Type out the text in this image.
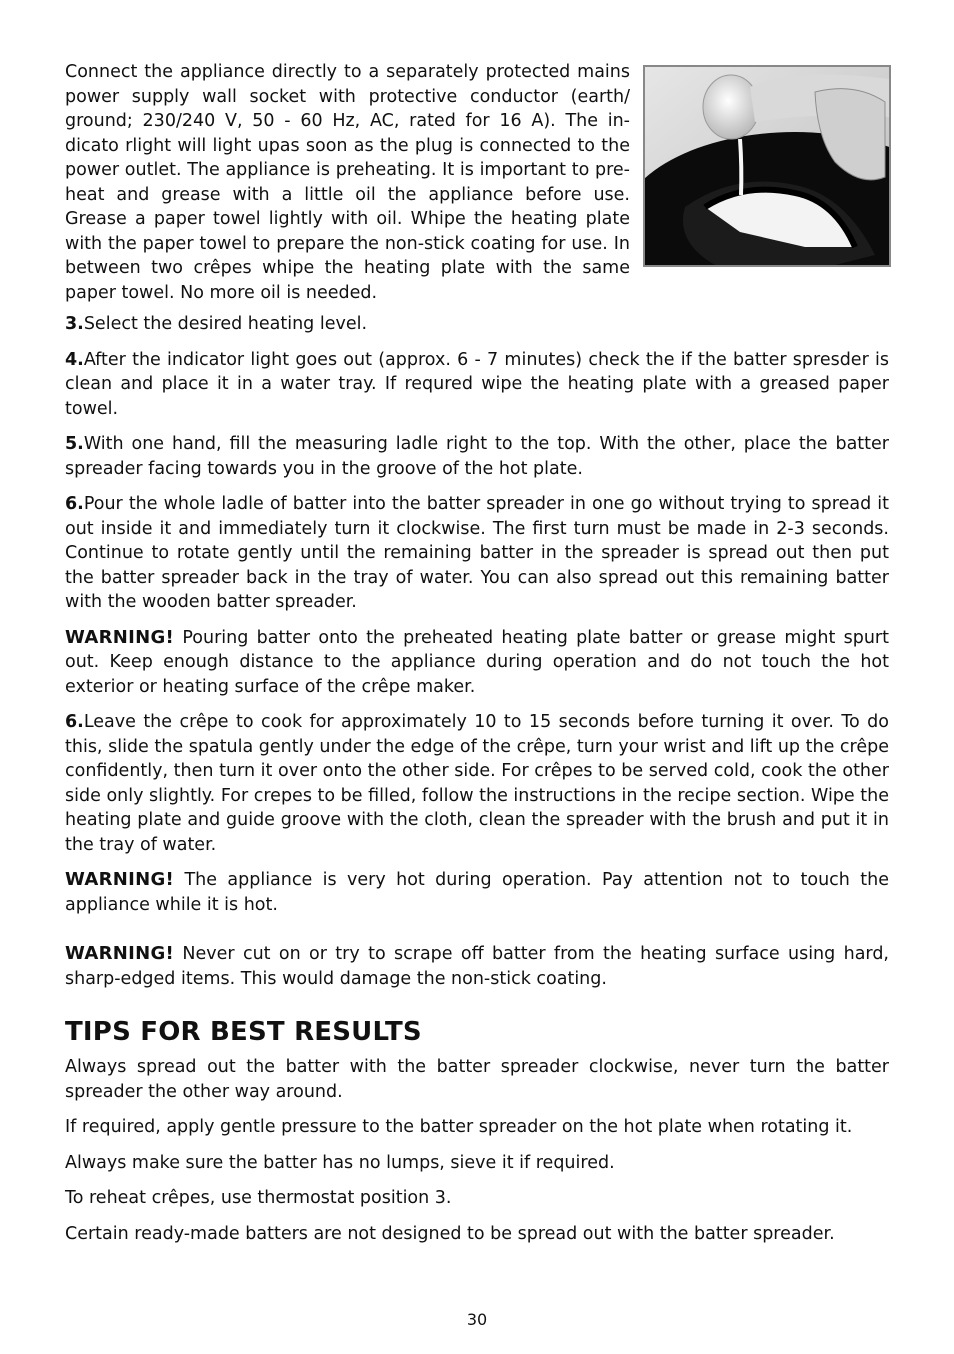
Connect the appliance directly to a separately protected mains power supply wall socket with protective conductor (earth/ ground; 230/240 V, 50 - 60 Hz, AC, rated for 16 A). The in- dicato rlight will light upas soon as the plug is connected to the power outlet. The appliance is preheating. It is important to pre- heat and grease with a little oil the appliance before use. Grease a paper towel lightly with oil. Whipe the heating plate with the paper towel to prepare the non-stick coating for use. In between two crêpes whipe the heating plate with the same paper towel. No more oil is needed.

3.Select the desired heating level.

4.After the indicator light goes out (approx. 6 - 7 minutes) check the if the batter spresder is clean and place it in a water tray. If requred wipe the heating plate with a greased paper towel.

5.With one hand, fill the measuring ladle right to the top. With the other, place the batter spreader facing towards you in the groove of the hot plate.

6.Pour the whole ladle of batter into the batter spreader in one go without trying to spread it out inside it and immediately turn it clockwise. The first turn must be made in 2-3 seconds. Continue to rotate gently until the remaining batter in the spreader is spread out then put the batter spreader back in the tray of water. You can also spread out this remaining batter with the wooden batter spreader.

WARNING! Pouring batter onto the preheated heating plate batter or grease might spurt out. Keep enough distance to the appliance during operation and do not touch the hot exterior or heating surface of the crêpe maker.

6.Leave the crêpe to cook for approximately 10 to 15 seconds before turning it over. To do this, slide the spatula gently under the edge of the crêpe, turn your wrist and lift up the crêpe confidently, then turn it over onto the other side. For crêpes to be served cold, cook the other side only slightly. For crepes to be filled, follow the instructions in the recipe section. Wipe the heating plate and guide groove with the cloth, clean the spreader with the brush and put it in the tray of water.

WARNING! The appliance is very hot during operation. Pay attention not to touch the appliance while it is hot.

WARNING! Never cut on or try to scrape off batter from the heating surface using hard, sharp-edged items. This would damage the non-stick coating.

TIPS FOR BEST RESULTS

Always spread out the batter with the batter spreader clockwise, never turn the batter spreader the other way around.

If required, apply gentle pressure to the batter spreader on the hot plate when rotating it.

Always make sure the batter has no lumps, sieve it if required.

To reheat crêpes, use thermostat position 3.

Certain ready-made batters are not designed to be spread out with the batter spreader.

30
